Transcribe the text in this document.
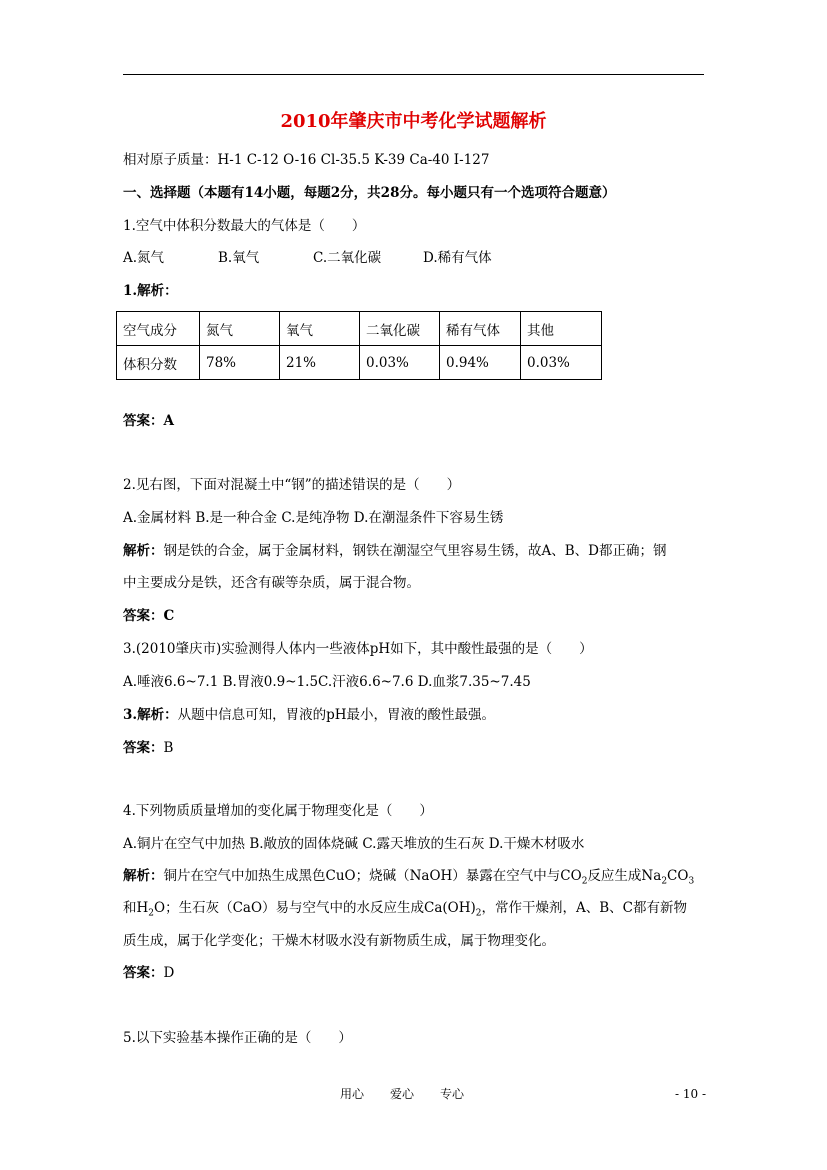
2010年肇庆市中考化学试题解析
相对原子质量：H-1 C-12 O-16 Cl-35.5 K-39 Ca-40 I-127
一、选择题（本题有14小题，每题2分，共28分。每小题只有一个选项符合题意）
1.空气中体积分数最大的气体是（　　）
A.氮气	B.氧气	C.二氧化碳	D.稀有气体
1.解析：
空气成分	氮气	氧气	二氧化碳	稀有气体	其他
体积分数	78%	21%	0.03%	0.94%	0.03%
答案：A
2.见右图，下面对混凝土中“钢”的描述错误的是（　　）
A.金属材料 B.是一种合金 C.是纯净物 D.在潮湿条件下容易生锈
解析：钢是铁的合金，属于金属材料，钢铁在潮湿空气里容易生锈，故A、B、D都正确；钢
中主要成分是铁，还含有碳等杂质，属于混合物。
答案：C
3.(2010肇庆市)实验测得人体内一些液体pH如下，其中酸性最强的是（　　）
A.唾液6.6~7.1 B.胃液0.9~1.5C.汗液6.6~7.6 D.血浆7.35~7.45
3.解析：从题中信息可知，胃液的pH最小，胃液的酸性最强。
答案：B
4.下列物质质量增加的变化属于物理变化是（　　）
A.铜片在空气中加热 B.敞放的固体烧碱 C.露天堆放的生石灰 D.干燥木材吸水
解析：铜片在空气中加热生成黑色CuO；烧碱（NaOH）暴露在空气中与$CO_2$反应生成$Na_2CO_3$
和$H_2O$；生石灰（CaO）易与空气中的水反应生成$Ca(OH)_2$，常作干燥剂，A、B、C都有新物
质生成，属于化学变化；干燥木材吸水没有新物质生成，属于物理变化。
答案：D
5.以下实验基本操作正确的是（　　）
用心 爱心 专心	- 10 -
